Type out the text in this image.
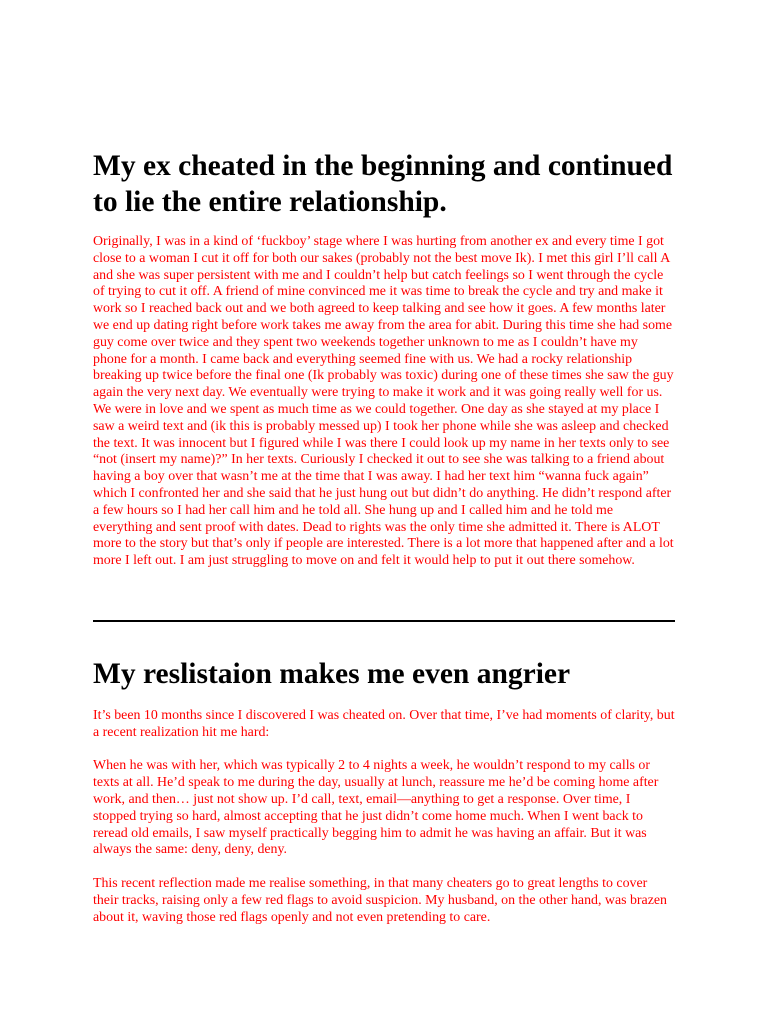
My ex cheated in the beginning and continued to lie the entire relationship.

Originally, I was in a kind of ‘fuckboy’ stage where I was hurting from another ex and every time I got close to a woman I cut it off for both our sakes (probably not the best move Ik). I met this girl I’ll call A and she was super persistent with me and I couldn’t help but catch feelings so I went through the cycle of trying to cut it off. A friend of mine convinced me it was time to break the cycle and try and make it work so I reached back out and we both agreed to keep talking and see how it goes. A few months later we end up dating right before work takes me away from the area for abit. During this time she had some guy come over twice and they spent two weekends together unknown to me as I couldn’t have my phone for a month. I came back and everything seemed fine with us. We had a rocky relationship breaking up twice before the final one (Ik probably was toxic) during one of these times she saw the guy again the very next day. We eventually were trying to make it work and it was going really well for us. We were in love and we spent as much time as we could together. One day as she stayed at my place I saw a weird text and (ik this is probably messed up) I took her phone while she was asleep and checked the text. It was innocent but I figured while I was there I could look up my name in her texts only to see “not (insert my name)?” In her texts. Curiously I checked it out to see she was talking to a friend about having a boy over that wasn’t me at the time that I was away. I had her text him “wanna fuck again” which I confronted her and she said that he just hung out but didn’t do anything. He didn’t respond after a few hours so I had her call him and he told all. She hung up and I called him and he told me everything and sent proof with dates. Dead to rights was the only time she admitted it. There is ALOT more to the story but that’s only if people are interested. There is a lot more that happened after and a lot more I left out. I am just struggling to move on and felt it would help to put it out there somehow.

My reslistaion makes me even angrier

It’s been 10 months since I discovered I was cheated on. Over that time, I’ve had moments of clarity, but a recent realization hit me hard:

When he was with her, which was typically 2 to 4 nights a week, he wouldn’t respond to my calls or texts at all. He’d speak to me during the day, usually at lunch, reassure me he’d be coming home after work, and then… just not show up. I’d call, text, email—anything to get a response. Over time, I stopped trying so hard, almost accepting that he just didn’t come home much. When I went back to reread old emails, I saw myself practically begging him to admit he was having an affair. But it was always the same: deny, deny, deny.

This recent reflection made me realise something, in that many cheaters go to great lengths to cover their tracks, raising only a few red flags to avoid suspicion. My husband, on the other hand, was brazen about it, waving those red flags openly and not even pretending to care.
